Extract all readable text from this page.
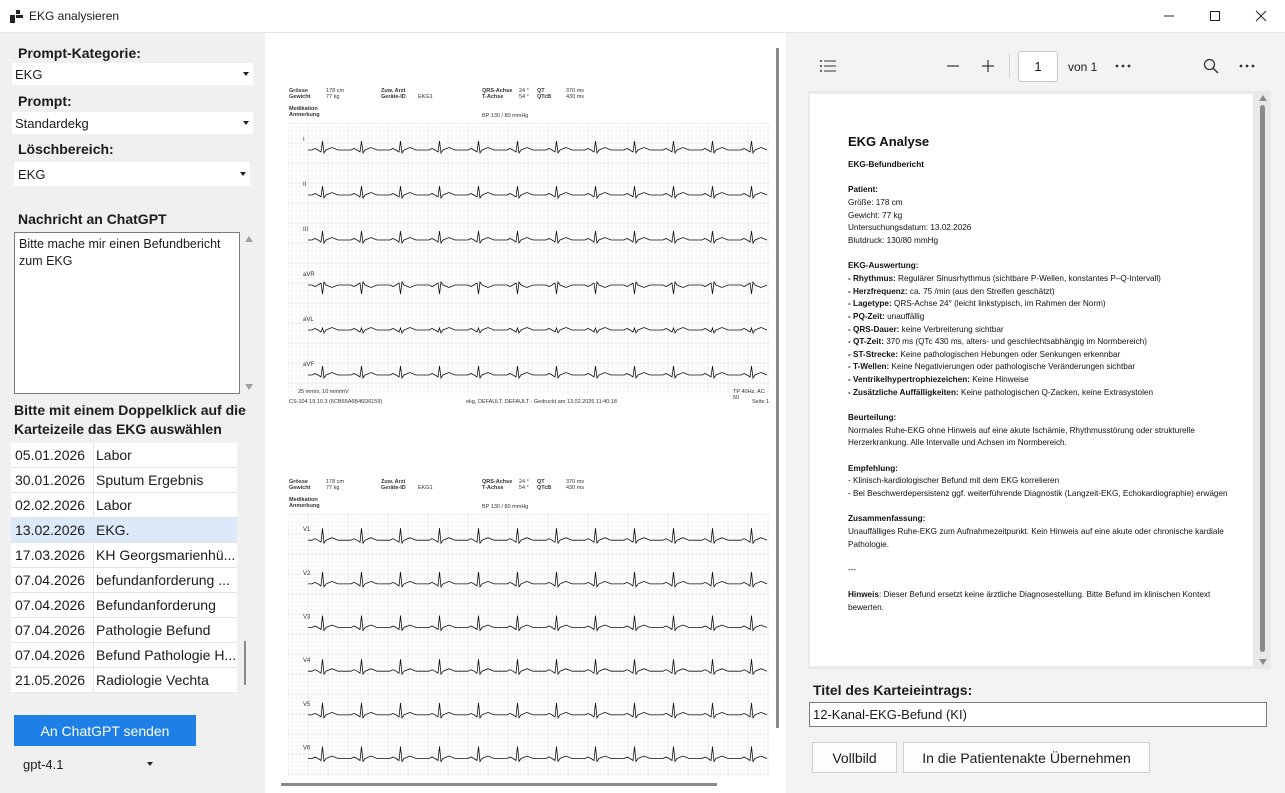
EKG analysieren
Prompt-Kategorie:
EKG
Prompt:
Standardekg
Löschbereich:
EKG
Nachricht an ChatGPT
Bitte mache mir einen Befundbericht zum EKG
Bitte mit einem Doppelklick auf die Karteizeile das EKG auswählen
05.01.2026 Labor
30.01.2026 Sputum Ergebnis
02.02.2026 Labor
13.02.2026 EKG.
17.03.2026 KH Georgsmarienhü...
07.04.2026 befundanforderung ...
07.04.2026 Befundanforderung
07.04.2026 Pathologie Befund
07.04.2026 Befund Pathologie H...
21.05.2026 Radiologie Vechta
An ChatGPT senden
gpt-4.1
Grösse
Gewicht
178 cm
77 kg
Zuw. Arzt
Geräte-ID EKG1
QRS-Achse
T-Achse
24 °
54 °
QT
QTcB
370 ms
430 ms
Medikation
Anmerkung	BP 130 / 80 mmHg
I
II
III
aVR
aVL
aVF
25 mm/s, 10 mm/mV	TP 40Hz, AC 50
CS-104 19.10.3 (6CB65A6B46D6159)	ekg, DEFAULT, DEFAULT - Gedruckt am 13.02.2026 11:40:18	Seite 1
Grösse
Gewicht
178 cm
77 kg
Zuw. Arzt
Geräte-ID EKG1
QRS-Achse
T-Achse
24 °
54 °
QT
QTcB
370 ms
430 ms
Medikation
Anmerkung	BP 130 / 80 mmHg
V1
V2
V3
V4
V5
V6
1	von 1
EKG Analyse

EKG-Befundbericht

Patient:

Größe: 178 cm

Gewicht: 77 kg

Untersuchungsdatum: 13.02.2026

Blutdruck: 130/80 mmHg

EKG-Auswertung:

- Rhythmus: Regulärer Sinusrhythmus (sichtbare P-Wellen, konstantes P–Q-Intervall)

- Herzfrequenz: ca. 75 /min (aus den Streifen geschätzt)

- Lagetype: QRS-Achse 24° (leicht linkstypisch, im Rahmen der Norm)

- PQ-Zeit: unauffällig

- QRS-Dauer: keine Verbreiterung sichtbar

- QT-Zeit: 370 ms (QTc 430 ms, alters- und geschlechtsabhängig im Normbereich)

- ST-Strecke: Keine pathologischen Hebungen oder Senkungen erkennbar

- T-Wellen: Keine Negativierungen oder pathologische Veränderungen sichtbar

- Ventrikelhypertrophiezeichen: Keine Hinweise

- Zusätzliche Auffälligkeiten: Keine pathologischen Q-Zacken, keine Extrasystolen

Beurteilung:

Normales Ruhe-EKG ohne Hinweis auf eine akute Ischämie, Rhythmusstörung oder strukturelle Herzerkrankung. Alle Intervalle und Achsen im Normbereich.

Empfehlung:

- Klinisch-kardiologischer Befund mit dem EKG korrelieren

- Bei Beschwerdepersistenz ggf. weiterführende Diagnostik (Langzeit-EKG, Echokardiographie) erwägen

Zusammenfassung:

Unauffälliges Ruhe-EKG zum Aufnahmezeitpunkt. Kein Hinweis auf eine akute oder chronische kardiale Pathologie.

---

Hinweis: Dieser Befund ersetzt keine ärztliche Diagnosestellung. Bitte Befund im klinischen Kontext bewerten.

Titel des Karteieintrags:
12-Kanal-EKG-Befund (KI)
Vollbild	In die Patientenakte Übernehmen
